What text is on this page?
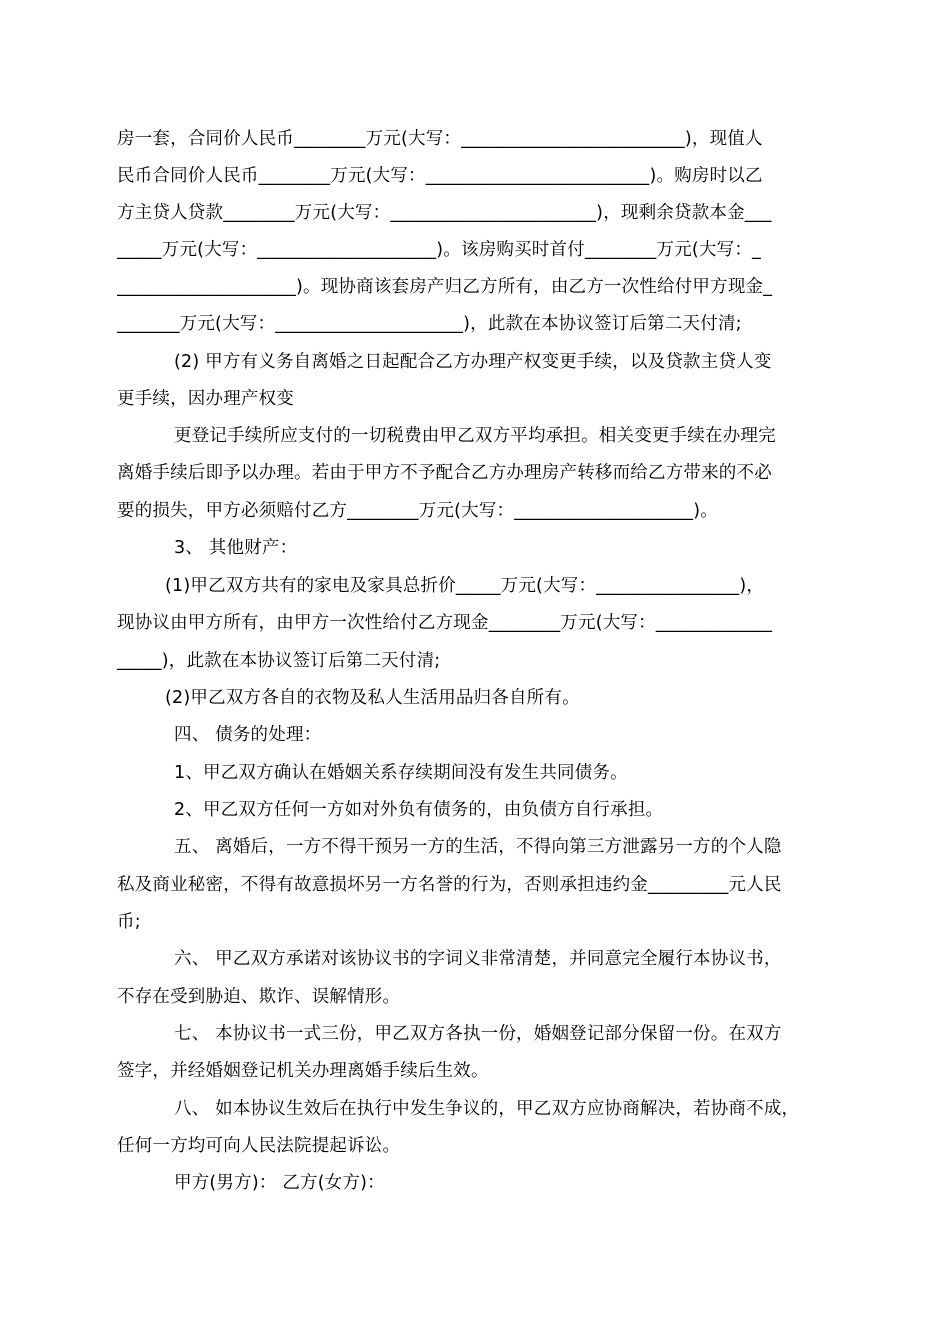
房一套，合同价人民币________万元(大写：_________________________)，现值人
民币合同价人民币________万元(大写：_________________________)。购房时以乙
方主贷人贷款________万元(大写：_______________________)，现剩余贷款本金___
_____万元(大写：____________________)。该房购买时首付________万元(大写：_
____________________)。现协商该套房产归乙方所有，由乙方一次性给付甲方现金_
_______万元(大写：_____________________)，此款在本协议签订后第二天付清;
(2) 甲方有义务自离婚之日起配合乙方办理产权变更手续，以及贷款主贷人变
更手续，因办理产权变
更登记手续所应支付的一切税费由甲乙双方平均承担。相关变更手续在办理完
离婚手续后即予以办理。若由于甲方不予配合乙方办理房产转移而给乙方带来的不必
要的损失，甲方必须赔付乙方________万元(大写：____________________)。
3、 其他财产：
(1)甲乙双方共有的家电及家具总折价_____万元(大写：________________)，
现协议由甲方所有，由甲方一次性给付乙方现金________万元(大写：_____________
_____)，此款在本协议签订后第二天付清;
(2)甲乙双方各自的衣物及私人生活用品归各自所有。
四、 债务的处理：
1、甲乙双方确认在婚姻关系存续期间没有发生共同债务。
2、甲乙双方任何一方如对外负有债务的，由负债方自行承担。
五、 离婚后，一方不得干预另一方的生活，不得向第三方泄露另一方的个人隐
私及商业秘密，不得有故意损坏另一方名誉的行为，否则承担违约金_________元人民
币;
六、 甲乙双方承诺对该协议书的字词义非常清楚，并同意完全履行本协议书，
不存在受到胁迫、欺诈、误解情形。
七、 本协议书一式三份，甲乙双方各执一份，婚姻登记部分保留一份。在双方
签字，并经婚姻登记机关办理离婚手续后生效。
八、 如本协议生效后在执行中发生争议的，甲乙双方应协商解决，若协商不成，
任何一方均可向人民法院提起诉讼。
甲方(男方)： 乙方(女方)：
